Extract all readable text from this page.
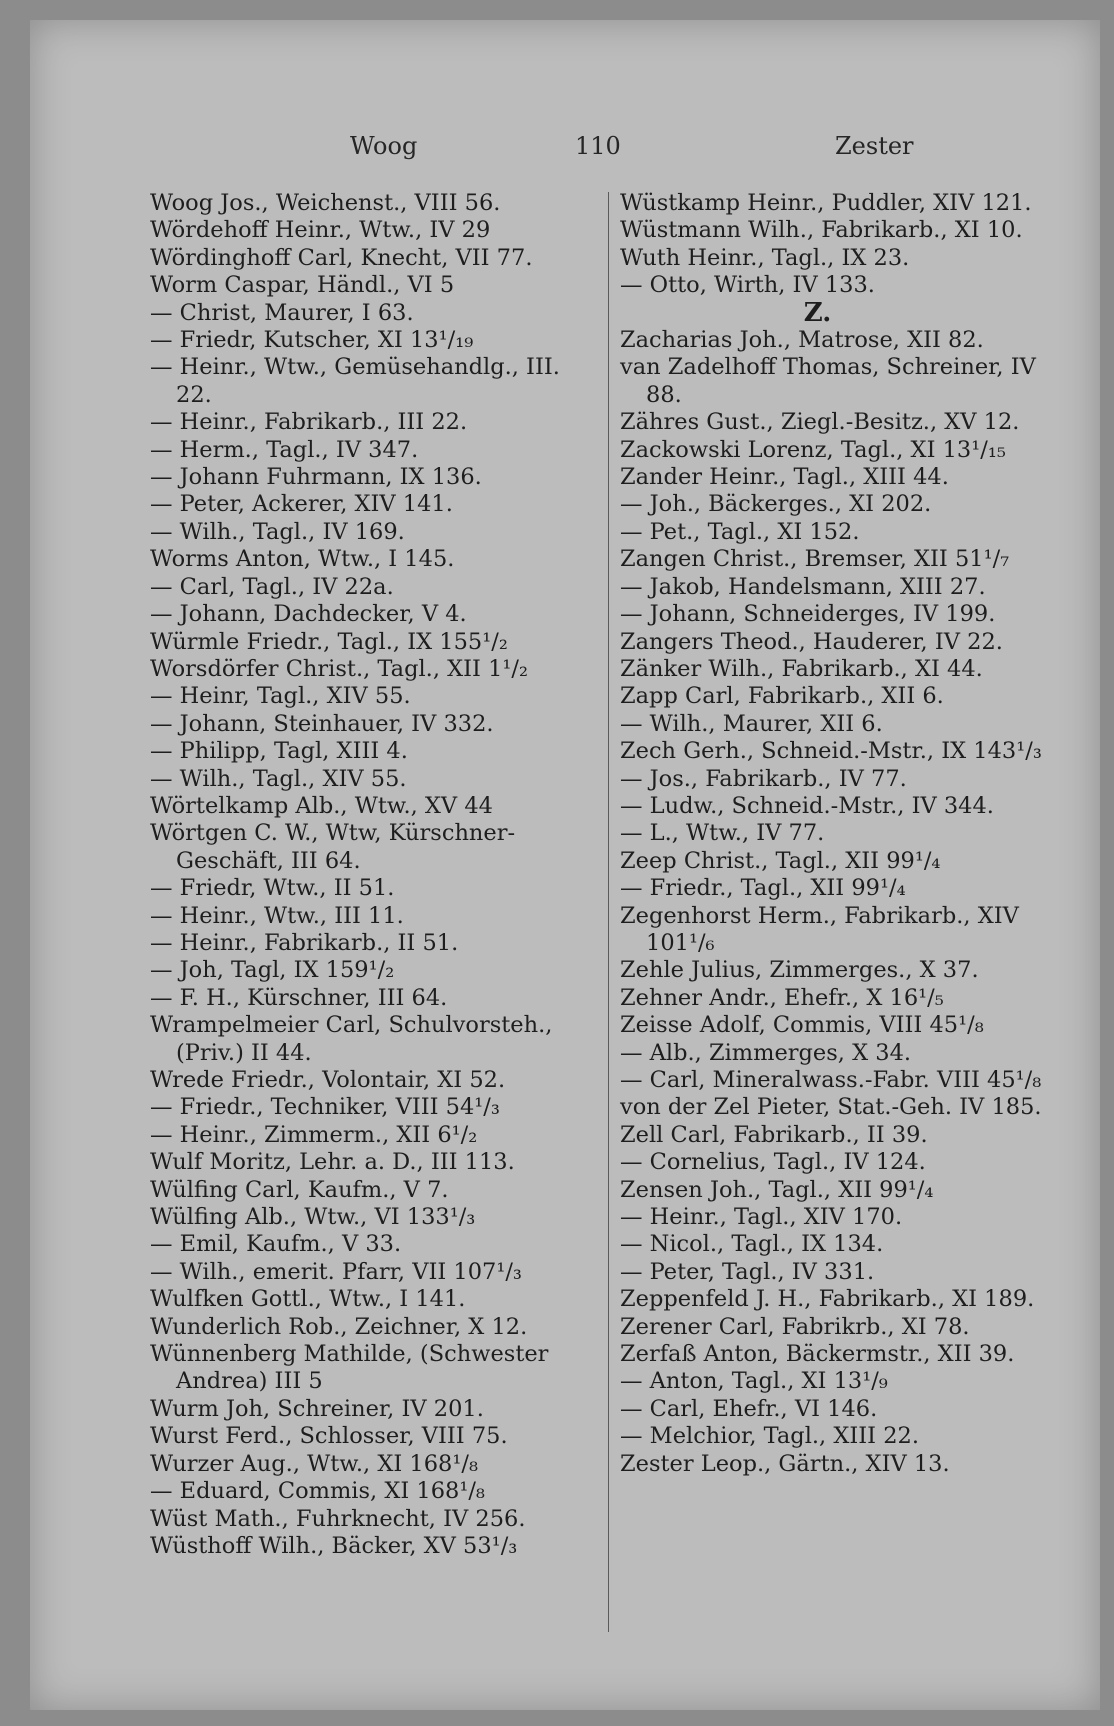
Woog	110	Zester
Woog Jos., Weichenst., VIII 56.
Wördehoff Heinr., Wtw., IV 29
Wördinghoff Carl, Knecht, VII 77.
Worm Caspar, Händl., VI 5
— Christ, Maurer, I 63.
— Friedr, Kutscher, XI 13¹/₁₉
— Heinr., Wtw., Gemüsehandlg., III. 22.
— Heinr., Fabrikarb., III 22.
— Herm., Tagl., IV 347.
— Johann Fuhrmann, IX 136.
— Peter, Ackerer, XIV 141.
— Wilh., Tagl., IV 169.
Worms Anton, Wtw., I 145.
— Carl, Tagl., IV 22a.
— Johann, Dachdecker, V 4.
Würmle Friedr., Tagl., IX 155¹/₂
Worsdörfer Christ., Tagl., XII 1¹/₂
— Heinr, Tagl., XIV 55.
— Johann, Steinhauer, IV 332.
— Philipp, Tagl, XIII 4.
— Wilh., Tagl., XIV 55.
Wörtelkamp Alb., Wtw., XV 44
Wörtgen C. W., Wtw, Kürschner-Geschäft, III 64.
— Friedr, Wtw., II 51.
— Heinr., Wtw., III 11.
— Heinr., Fabrikarb., II 51.
— Joh, Tagl, IX 159¹/₂
— F. H., Kürschner, III 64.
Wrampelmeier Carl, Schulvorsteh., (Priv.) II 44.
Wrede Friedr., Volontair, XI 52.
— Friedr., Techniker, VIII 54¹/₃
— Heinr., Zimmerm., XII 6¹/₂
Wulf Moritz, Lehr. a. D., III 113.
Wülfing Carl, Kaufm., V 7.
Wülfing Alb., Wtw., VI 133¹/₃
— Emil, Kaufm., V 33.
— Wilh., emerit. Pfarr, VII 107¹/₃
Wulfken Gottl., Wtw., I 141.
Wunderlich Rob., Zeichner, X 12.
Wünnenberg Mathilde, (Schwester Andrea) III 5
Wurm Joh, Schreiner, IV 201.
Wurst Ferd., Schlosser, VIII 75.
Wurzer Aug., Wtw., XI 168¹/₈
— Eduard, Commis, XI 168¹/₈
Wüst Math., Fuhrknecht, IV 256.
Wüsthoff Wilh., Bäcker, XV 53¹/₃
Wüstkamp Heinr., Puddler, XIV 121.
Wüstmann Wilh., Fabrikarb., XI 10.
Wuth Heinr., Tagl., IX 23.
— Otto, Wirth, IV 133.
Z.
Zacharias Joh., Matrose, XII 82.
van Zadelhoff Thomas, Schreiner, IV 88.
Zähres Gust., Ziegl.-Besitz., XV 12.
Zackowski Lorenz, Tagl., XI 13¹/₁₅
Zander Heinr., Tagl., XIII 44.
— Joh., Bäckerges., XI 202.
— Pet., Tagl., XI 152.
Zangen Christ., Bremser, XII 51¹/₇
— Jakob, Handelsmann, XIII 27.
— Johann, Schneiderges, IV 199.
Zangers Theod., Hauderer, IV 22.
Zänker Wilh., Fabrikarb., XI 44.
Zapp Carl, Fabrikarb., XII 6.
— Wilh., Maurer, XII 6.
Zech Gerh., Schneid.-Mstr., IX 143¹/₃
— Jos., Fabrikarb., IV 77.
— Ludw., Schneid.-Mstr., IV 344.
— L., Wtw., IV 77.
Zeep Christ., Tagl., XII 99¹/₄
— Friedr., Tagl., XII 99¹/₄
Zegenhorst Herm., Fabrikarb., XIV 101¹/₆
Zehle Julius, Zimmerges., X 37.
Zehner Andr., Ehefr., X 16¹/₅
Zeisse Adolf, Commis, VIII 45¹/₈
— Alb., Zimmerges, X 34.
— Carl, Mineralwass.-Fabr. VIII 45¹/₈
von der Zel Pieter, Stat.-Geh. IV 185.
Zell Carl, Fabrikarb., II 39.
— Cornelius, Tagl., IV 124.
Zensen Joh., Tagl., XII 99¹/₄
— Heinr., Tagl., XIV 170.
— Nicol., Tagl., IX 134.
— Peter, Tagl., IV 331.
Zeppenfeld J. H., Fabrikarb., XI 189.
Zerener Carl, Fabrikrb., XI 78.
Zerfaß Anton, Bäckermstr., XII 39.
— Anton, Tagl., XI 13¹/₉
— Carl, Ehefr., VI 146.
— Melchior, Tagl., XIII 22.
Zester Leop., Gärtn., XIV 13.
